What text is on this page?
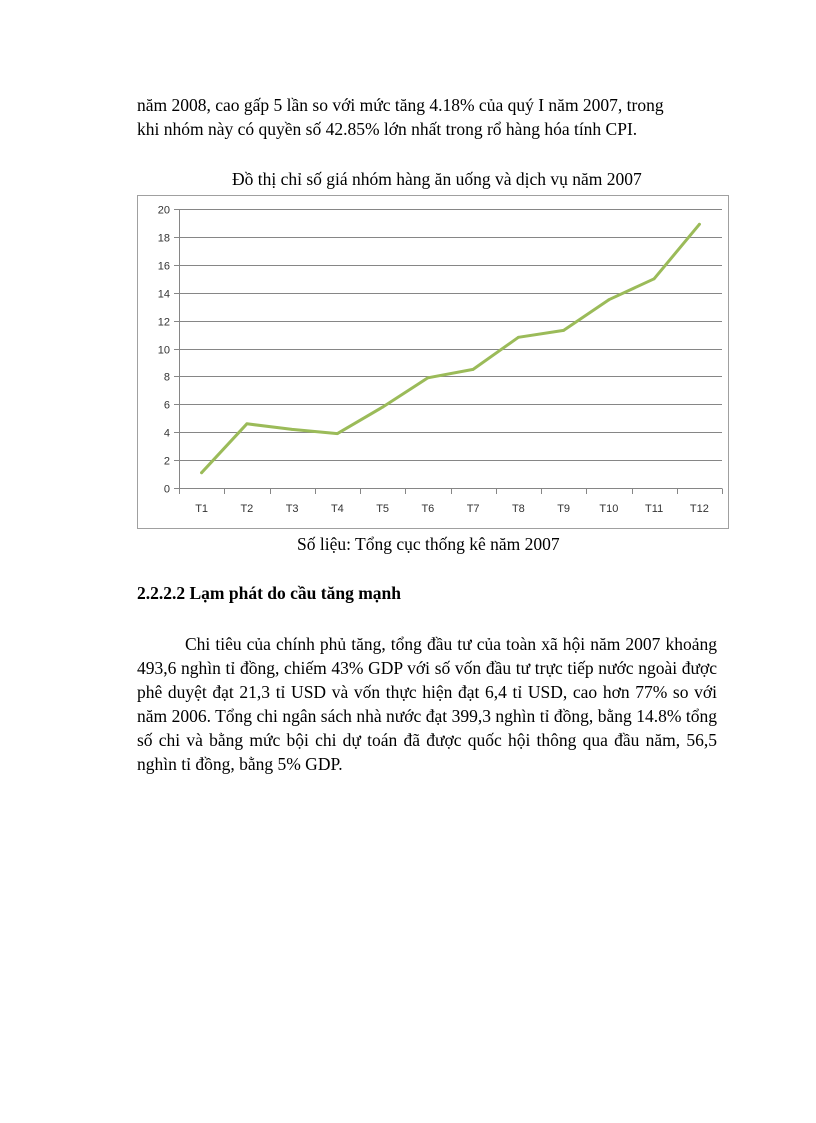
năm 2008, cao gấp 5 lần so với mức tăng 4.18% của quý I năm 2007, trong

khi nhóm này có quyền số 42.85% lớn nhất trong rổ hàng hóa tính CPI.

Đồ thị chỉ số giá nhóm hàng ăn uống và dịch vụ năm 2007
0
2
4
6
8
10
12
14
16
18
20
T1	T2	T3	T4	T5	T6	T7	T8	T9	T10 T11 T12
Số liệu: Tổng cục thống kê năm 2007
2.2.2.2 Lạm phát do cầu tăng mạnh
Chi tiêu của chính phủ tăng, tổng đầu tư của toàn xã hội năm 2007 khoảng 493,6 nghìn tỉ đồng, chiếm 43% GDP với số vốn đầu tư trực tiếp nước ngoài được phê duyệt đạt 21,3 tỉ USD và vốn thực hiện đạt 6,4 tỉ USD, cao hơn 77% so với năm 2006. Tổng chi ngân sách nhà nước đạt 399,3 nghìn tỉ đồng, bằng 14.8% tổng số chi và bằng mức bội chi dự toán đã được quốc hội thông qua đầu năm, 56,5 nghìn tỉ đồng, bằng 5% GDP.
